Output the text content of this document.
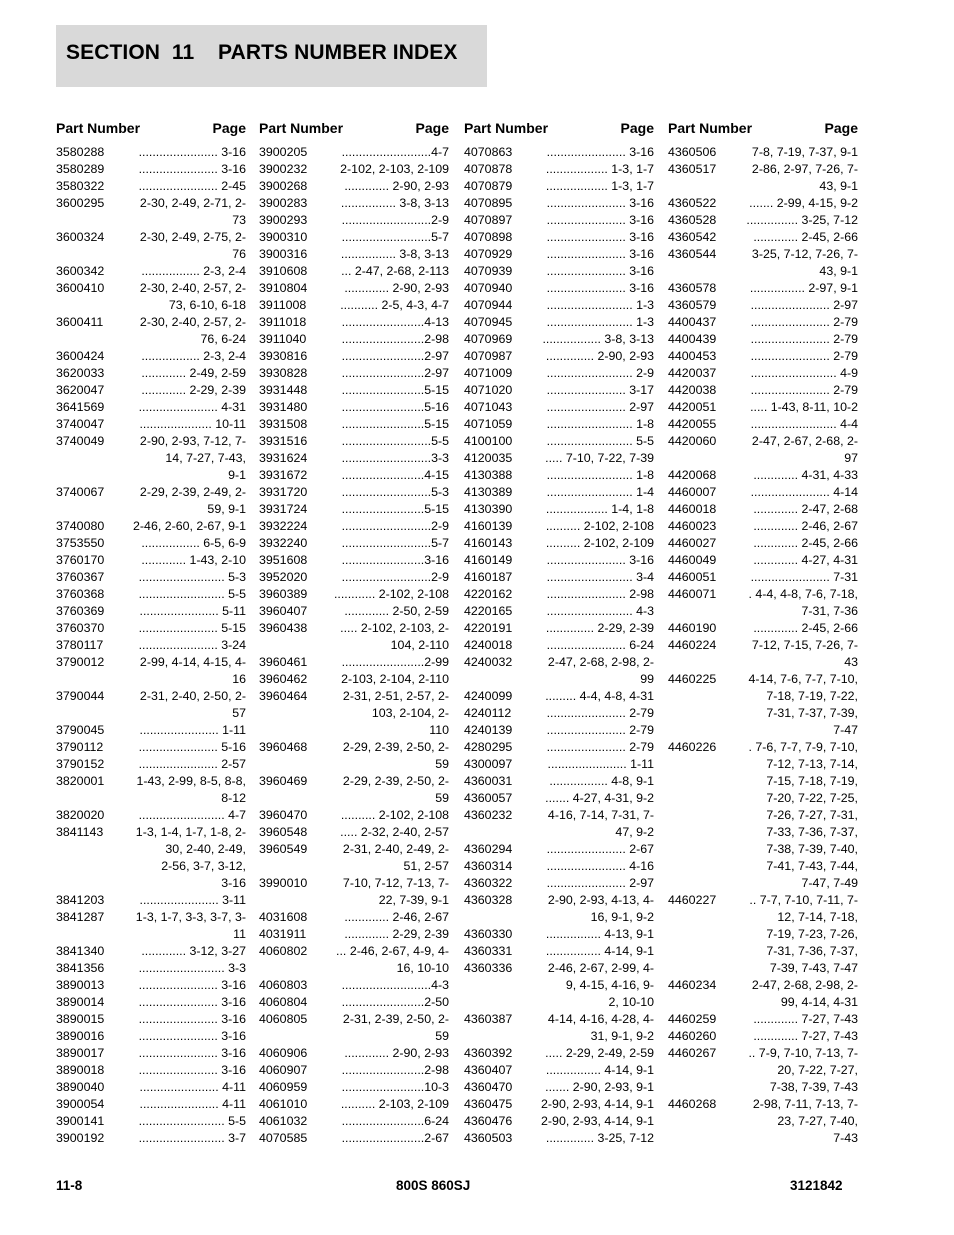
SECTION  11    PARTS NUMBER INDEX
Part Number	Page
3580288	....................... 3-16
3580289	....................... 3-16
3580322	....................... 2-45
3600295	2-30, 2-49, 2-71, 2-
73
3600324	2-30, 2-49, 2-75, 2-
76
3600342	................. 2-3, 2-4
3600410	2-30, 2-40, 2-57, 2-
73, 6-10, 6-18
3600411	2-30, 2-40, 2-57, 2-
76, 6-24
3600424	................. 2-3, 2-4
3620033	............. 2-49, 2-59
3620047	............. 2-29, 2-39
3641569	....................... 4-31
3740047	..................... 10-11
3740049	2-90, 2-93, 7-12, 7-
14, 7-27, 7-43,
9-1
3740067	2-29, 2-39, 2-49, 2-
59, 9-1
3740080	2-46, 2-60, 2-67, 9-1
3753550	................. 6-5, 6-9
3760170	............. 1-43, 2-10
3760367	......................... 5-3
3760368	......................... 5-5
3760369	....................... 5-11
3760370	....................... 5-15
3780117	....................... 3-24
3790012	2-99, 4-14, 4-15, 4-
16
3790044	2-31, 2-40, 2-50, 2-
57
3790045	....................... 1-11
3790112	....................... 5-16
3790152	....................... 2-57
3820001	1-43, 2-99, 8-5, 8-8,
8-12
3820020	......................... 4-7
3841143	1-3, 1-4, 1-7, 1-8, 2-
30, 2-40, 2-49,
2-56, 3-7, 3-12,
3-16
3841203	....................... 3-11
3841287	1-3, 1-7, 3-3, 3-7, 3-
11
3841340	............. 3-12, 3-27
3841356	......................... 3-3
3890013	....................... 3-16
3890014	....................... 3-16
3890015	....................... 3-16
3890016	....................... 3-16
3890017	....................... 3-16
3890018	....................... 3-16
3890040	....................... 4-11
3900054	....................... 4-11
3900141	......................... 5-5
3900192	......................... 3-7
Part Number	Page
3900205	..........................4-7
3900232	2-102, 2-103, 2-109
3900268	............. 2-90, 2-93
3900283	................ 3-8, 3-13
3900293	..........................2-9
3900310	..........................5-7
3900316	................ 3-8, 3-13
3910608	... 2-47, 2-68, 2-113
3910804	............. 2-90, 2-93
3911008	........... 2-5, 4-3, 4-7
3911018	........................4-13
3911040	........................2-98
3930816	........................2-97
3930828	........................2-97
3931448	........................5-15
3931480	........................5-16
3931508	........................5-15
3931516	..........................5-5
3931624	..........................3-3
3931672	........................4-15
3931720	..........................5-3
3931724	........................5-15
3932224	..........................2-9
3932240	..........................5-7
3951608	........................3-16
3952020	..........................2-9
3960389	............ 2-102, 2-108
3960407	............. 2-50, 2-59
3960438	..... 2-102, 2-103, 2-
104, 2-110
3960461	........................2-99
3960462	2-103, 2-104, 2-110
3960464	2-31, 2-51, 2-57, 2-
103, 2-104, 2-
110
3960468	2-29, 2-39, 2-50, 2-
59
3960469	2-29, 2-39, 2-50, 2-
59
3960470	.......... 2-102, 2-108
3960548	..... 2-32, 2-40, 2-57
3960549	2-31, 2-40, 2-49, 2-
51, 2-57
3990010	7-10, 7-12, 7-13, 7-
22, 7-39, 9-1
4031608	............. 2-46, 2-67
4031911	............. 2-29, 2-39
4060802	... 2-46, 2-67, 4-9, 4-
16, 10-10
4060803	..........................4-3
4060804	........................2-50
4060805	2-31, 2-39, 2-50, 2-
59
4060906	............. 2-90, 2-93
4060907	........................2-98
4060959	........................10-3
4061010	.......... 2-103, 2-109
4061032	........................6-24
4070585	........................2-67
Part Number	Page
4070863	....................... 3-16
4070878	.................. 1-3, 1-7
4070879	.................. 1-3, 1-7
4070895	....................... 3-16
4070897	....................... 3-16
4070898	....................... 3-16
4070929	....................... 3-16
4070939	....................... 3-16
4070940	....................... 3-16
4070944	......................... 1-3
4070945	......................... 1-3
4070969	................. 3-8, 3-13
4070987	.............. 2-90, 2-93
4071009	......................... 2-9
4071020	....................... 3-17
4071043	....................... 2-97
4071059	......................... 1-8
4100100	......................... 5-5
4120035	..... 7-10, 7-22, 7-39
4130388	......................... 1-8
4130389	......................... 1-4
4130390	.................. 1-4, 1-8
4160139	.......... 2-102, 2-108
4160143	.......... 2-102, 2-109
4160149	....................... 3-16
4160187	......................... 3-4
4220162	....................... 2-98
4220165	......................... 4-3
4220191	.............. 2-29, 2-39
4240018	....................... 6-24
4240032	2-47, 2-68, 2-98, 2-
99
4240099	......... 4-4, 4-8, 4-31
4240112	....................... 2-79
4240139	....................... 2-79
4280295	....................... 2-79
4300097	....................... 1-11
4360031	................. 4-8, 9-1
4360057	....... 4-27, 4-31, 9-2
4360232	4-16, 7-14, 7-31, 7-
47, 9-2
4360294	....................... 2-67
4360314	....................... 4-16
4360322	....................... 2-97
4360328	2-90, 2-93, 4-13, 4-
16, 9-1, 9-2
4360330	................ 4-13, 9-1
4360331	................ 4-14, 9-1
4360336	2-46, 2-67, 2-99, 4-
9, 4-15, 4-16, 9-
2, 10-10
4360387	4-14, 4-16, 4-28, 4-
31, 9-1, 9-2
4360392	..... 2-29, 2-49, 2-59
4360407	................ 4-14, 9-1
4360470	....... 2-90, 2-93, 9-1
4360475	2-90, 2-93, 4-14, 9-1
4360476	2-90, 2-93, 4-14, 9-1
4360503	.............. 3-25, 7-12
Part Number	Page
4360506	7-8, 7-19, 7-37, 9-1
4360517	2-86, 2-97, 7-26, 7-
43, 9-1
4360522	....... 2-99, 4-15, 9-2
4360528	............... 3-25, 7-12
4360542	............. 2-45, 2-66
4360544	3-25, 7-12, 7-26, 7-
43, 9-1
4360578	................ 2-97, 9-1
4360579	....................... 2-97
4400437	....................... 2-79
4400439	....................... 2-79
4400453	....................... 2-79
4420037	......................... 4-9
4420038	....................... 2-79
4420051	..... 1-43, 8-11, 10-2
4420055	......................... 4-4
4420060	2-47, 2-67, 2-68, 2-
97
4420068	............. 4-31, 4-33
4460007	....................... 4-14
4460018	............. 2-47, 2-68
4460023	............. 2-46, 2-67
4460027	............. 2-45, 2-66
4460049	............. 4-27, 4-31
4460051	....................... 7-31
4460071	. 4-4, 4-8, 7-6, 7-18,
7-31, 7-36
4460190	............. 2-45, 2-66
4460224	7-12, 7-15, 7-26, 7-
43
4460225	4-14, 7-6, 7-7, 7-10,
7-18, 7-19, 7-22,
7-31, 7-37, 7-39,
7-47
4460226	. 7-6, 7-7, 7-9, 7-10,
7-12, 7-13, 7-14,
7-15, 7-18, 7-19,
7-20, 7-22, 7-25,
7-26, 7-27, 7-31,
7-33, 7-36, 7-37,
7-38, 7-39, 7-40,
7-41, 7-43, 7-44,
7-47, 7-49
4460227	.. 7-7, 7-10, 7-11, 7-
12, 7-14, 7-18,
7-19, 7-23, 7-26,
7-31, 7-36, 7-37,
7-39, 7-43, 7-47
4460234	2-47, 2-68, 2-98, 2-
99, 4-14, 4-31
4460259	............. 7-27, 7-43
4460260	............. 7-27, 7-43
4460267	.. 7-9, 7-10, 7-13, 7-
20, 7-22, 7-27,
7-38, 7-39, 7-43
4460268	2-98, 7-11, 7-13, 7-
23, 7-27, 7-40,
7-43
11-8	800S 860SJ	3121842
